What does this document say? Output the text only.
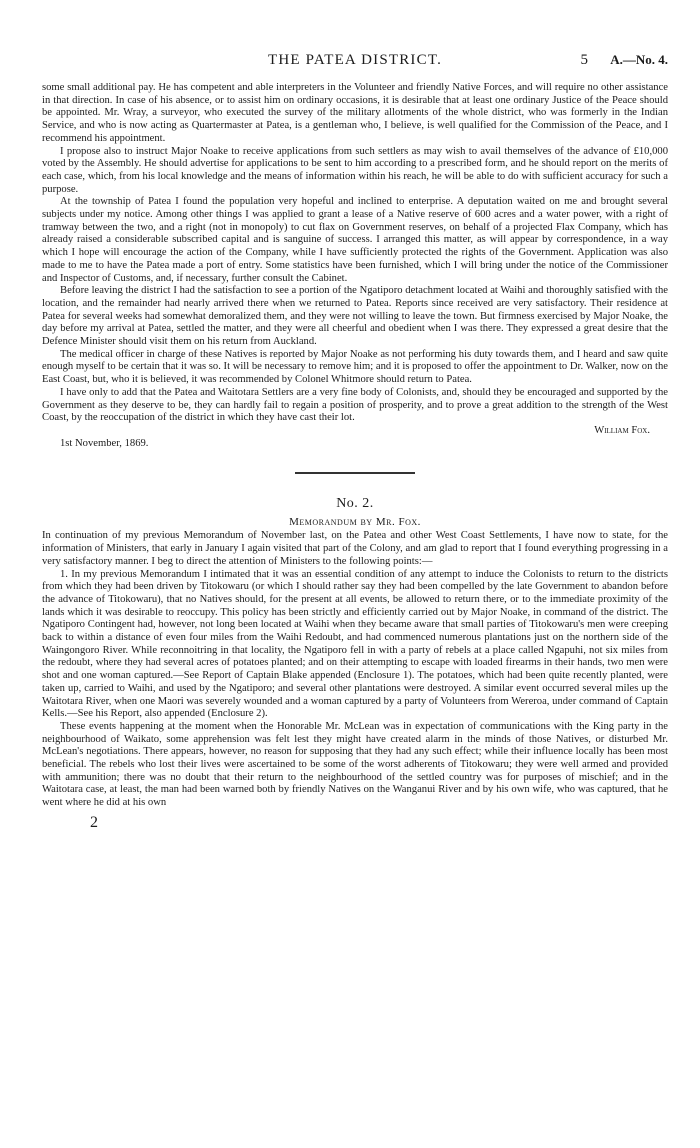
THE PATEA DISTRICT.	5 A.—No. 4.

some small additional pay. He has competent and able interpreters in the Volunteer and friendly Native Forces, and will require no other assistance in that direction. In case of his absence, or to assist him on ordinary occasions, it is desirable that at least one ordinary Justice of the Peace should be appointed. Mr. Wray, a surveyor, who executed the survey of the military allotments of the whole district, who was formerly in the Indian Service, and who is now acting as Quartermaster at Patea, is a gentleman who, I believe, is well qualified for the Commission of the Peace, and I recommend his appointment.

I propose also to instruct Major Noake to receive applications from such settlers as may wish to avail themselves of the advance of £10,000 voted by the Assembly. He should advertise for applications to be sent to him according to a prescribed form, and he should report on the merits of each case, which, from his local knowledge and the means of information within his reach, he will be able to do with sufficient accuracy for such a purpose.

At the township of Patea I found the population very hopeful and inclined to enterprise. A deputation waited on me and brought several subjects under my notice. Among other things I was applied to grant a lease of a Native reserve of 600 acres and a water power, with a right of tramway between the two, and a right (not in monopoly) to cut flax on Government reserves, on behalf of a projected Flax Company, which has already raised a considerable subscribed capital and is sanguine of success. I arranged this matter, as will appear by correspondence, in a way which I hope will encourage the action of the Company, while I have sufficiently protected the rights of the Government. Application was also made to me to have the Patea made a port of entry. Some statistics have been furnished, which I will bring under the notice of the Commissioner and Inspector of Customs, and, if necessary, further consult the Cabinet.

Before leaving the district I had the satisfaction to see a portion of the Ngatiporo detachment located at Waihi and thoroughly satisfied with the location, and the remainder had nearly arrived there when we returned to Patea. Reports since received are very satisfactory. Their residence at Patea for several weeks had somewhat demoralized them, and they were not willing to leave the town. But firmness exercised by Major Noake, the day before my arrival at Patea, settled the matter, and they were all cheerful and obedient when I was there. They expressed a great desire that the Defence Minister should visit them on his return from Auckland.

The medical officer in charge of these Natives is reported by Major Noake as not performing his duty towards them, and I heard and saw quite enough myself to be certain that it was so. It will be necessary to remove him; and it is proposed to offer the appointment to Dr. Walker, now on the East Coast, but, who it is believed, it was recommended by Colonel Whitmore should return to Patea.

I have only to add that the Patea and Waitotara Settlers are a very fine body of Colonists, and, should they be encouraged and supported by the Government as they deserve to be, they can hardly fail to regain a position of prosperity, and to prove a great addition to the strength of the West Coast, by the reoccupation of the district in which they have cast their lot.

William Fox.

1st November, 1869.

No. 2.
Memorandum by Mr. Fox.

In continuation of my previous Memorandum of November last, on the Patea and other West Coast Settlements, I have now to state, for the information of Ministers, that early in January I again visited that part of the Colony, and am glad to report that I found everything progressing in a very satisfactory manner. I beg to direct the attention of Ministers to the following points:—

1. In my previous Memorandum I intimated that it was an essential condition of any attempt to induce the Colonists to return to the districts from which they had been driven by Titokowaru (or which I should rather say they had been compelled by the late Government to abandon before the advance of Titokowaru), that no Natives should, for the present at all events, be allowed to return there, or to the immediate proximity of the lands which it was desirable to reoccupy. This policy has been strictly and efficiently carried out by Major Noake, in command of the district. The Ngatiporo Contingent had, however, not long been located at Waihi when they became aware that small parties of Titokowaru's men were creeping back to within a distance of even four miles from the Waihi Redoubt, and had commenced numerous plantations just on the northern side of the Waingongoro River. While reconnoitring in that locality, the Ngatiporo fell in with a party of rebels at a place called Ngapuhi, not six miles from the redoubt, where they had several acres of potatoes planted; and on their attempting to escape with loaded firearms in their hands, two men were shot and one woman captured.—See Report of Captain Blake appended (Enclosure 1). The potatoes, which had been quite recently planted, were taken up, carried to Waihi, and used by the Ngatiporo; and several other plantations were destroyed. A similar event occurred several miles up the Waitotara River, when one Maori was severely wounded and a woman captured by a party of Volunteers from Wereroa, under command of Captain Kells.—See his Report, also appended (Enclosure 2).

These events happening at the moment when the Honorable Mr. McLean was in expectation of communications with the King party in the neighbourhood of Waikato, some apprehension was felt lest they might have created alarm in the minds of those Natives, or disturbed Mr. McLean's negotiations. There appears, however, no reason for supposing that they had any such effect; while their influence locally has been most beneficial. The rebels who lost their lives were ascertained to be some of the worst adherents of Titokowaru; they were well armed and provided with ammunition; there was no doubt that their return to the neighbourhood of the settled country was for purposes of mischief; and in the Waitotara case, at least, the man had been warned both by friendly Natives on the Wanganui River and by his own wife, who was captured, that he went where he did at his own

2
